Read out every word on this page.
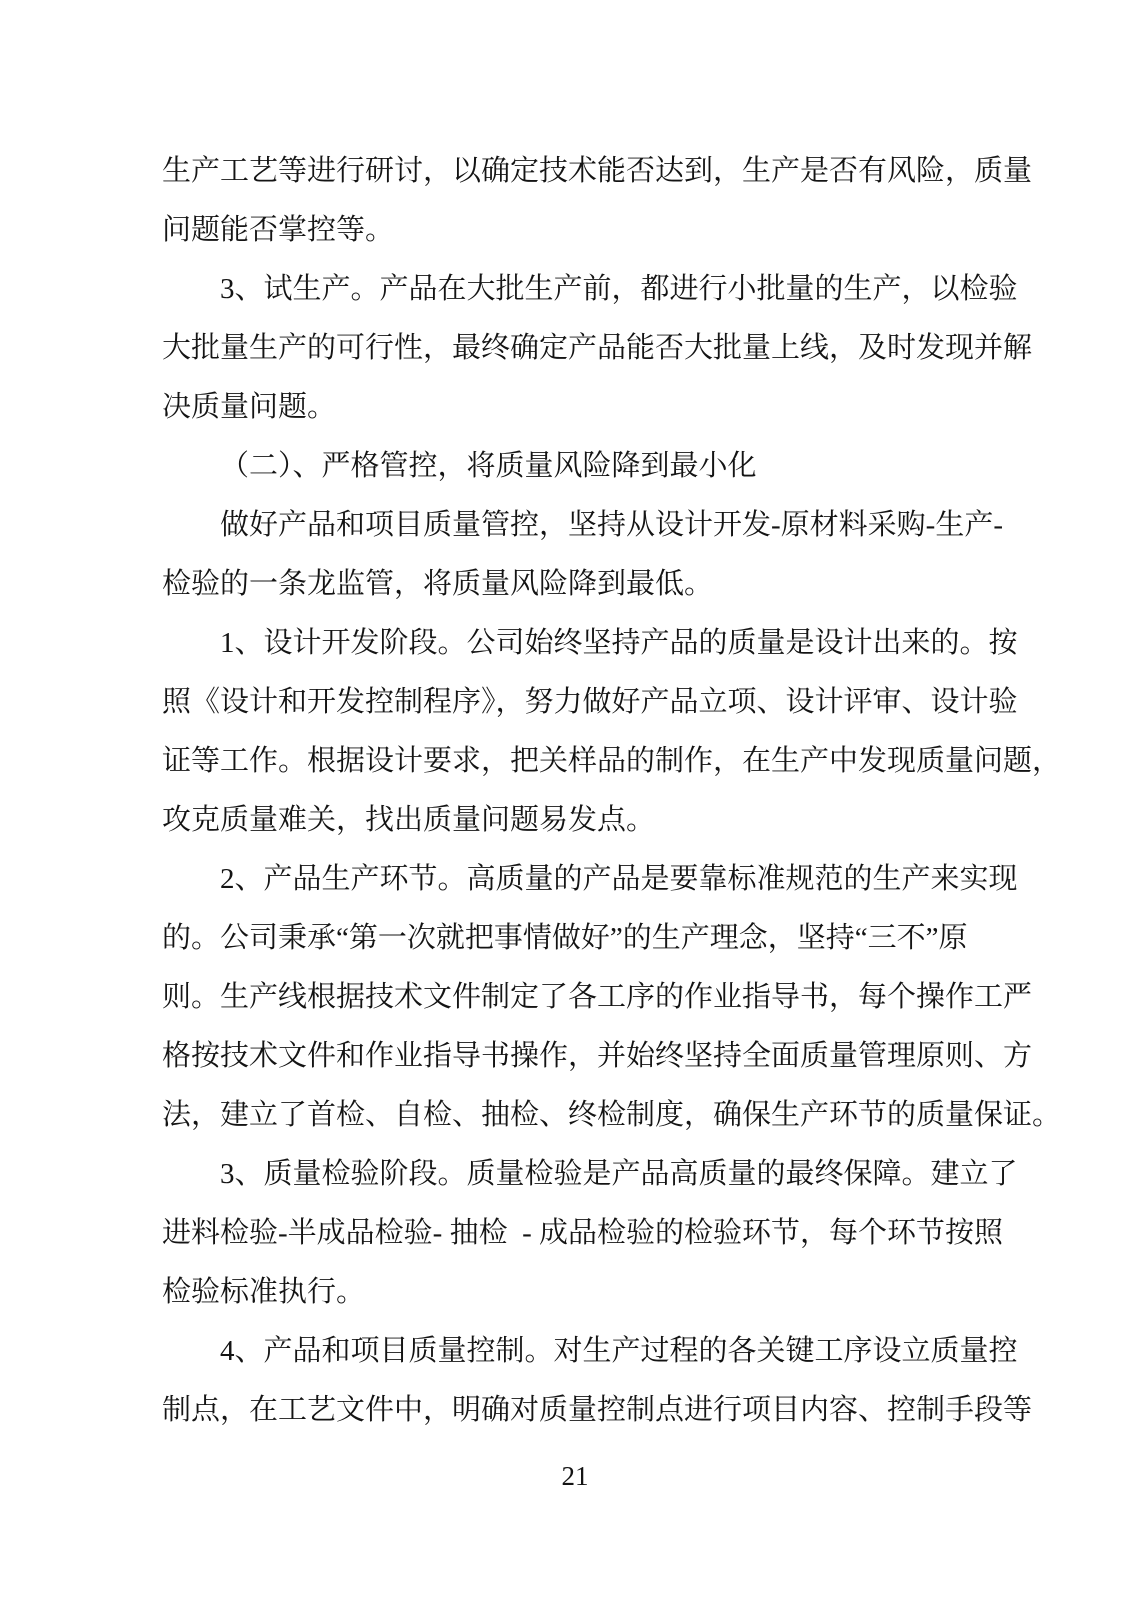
生产工艺等进行研讨，以确定技术能否达到，生产是否有风险，质量
问题能否掌控等。
3、试生产。产品在大批生产前，都进行小批量的生产，以检验
大批量生产的可行性，最终确定产品能否大批量上线，及时发现并解
决质量问题。
（二）、严格管控，将质量风险降到最小化
做好产品和项目质量管控，坚持从设计开发-原材料采购-生产-
检验的一条龙监管，将质量风险降到最低。
1、设计开发阶段。公司始终坚持产品的质量是设计出来的。按
照《设计和开发控制程序》，努力做好产品立项、设计评审、设计验
证等工作。根据设计要求，把关样品的制作，在生产中发现质量问题，
攻克质量难关，找出质量问题易发点。
2、产品生产环节。高质量的产品是要靠标准规范的生产来实现
的。公司秉承“第一次就把事情做好”的生产理念，坚持“三不”原
则。生产线根据技术文件制定了各工序的作业指导书，每个操作工严
格按技术文件和作业指导书操作，并始终坚持全面质量管理原则、方
法，建立了首检、自检、抽检、终检制度，确保生产环节的质量保证。
3、质量检验阶段。质量检验是产品高质量的最终保障。建立了
进料检验-半成品检验- 抽检  - 成品检验的检验环节，每个环节按照
检验标准执行。
4、产品和项目质量控制。对生产过程的各关键工序设立质量控
制点，在工艺文件中，明确对质量控制点进行项目内容、控制手段等
21
